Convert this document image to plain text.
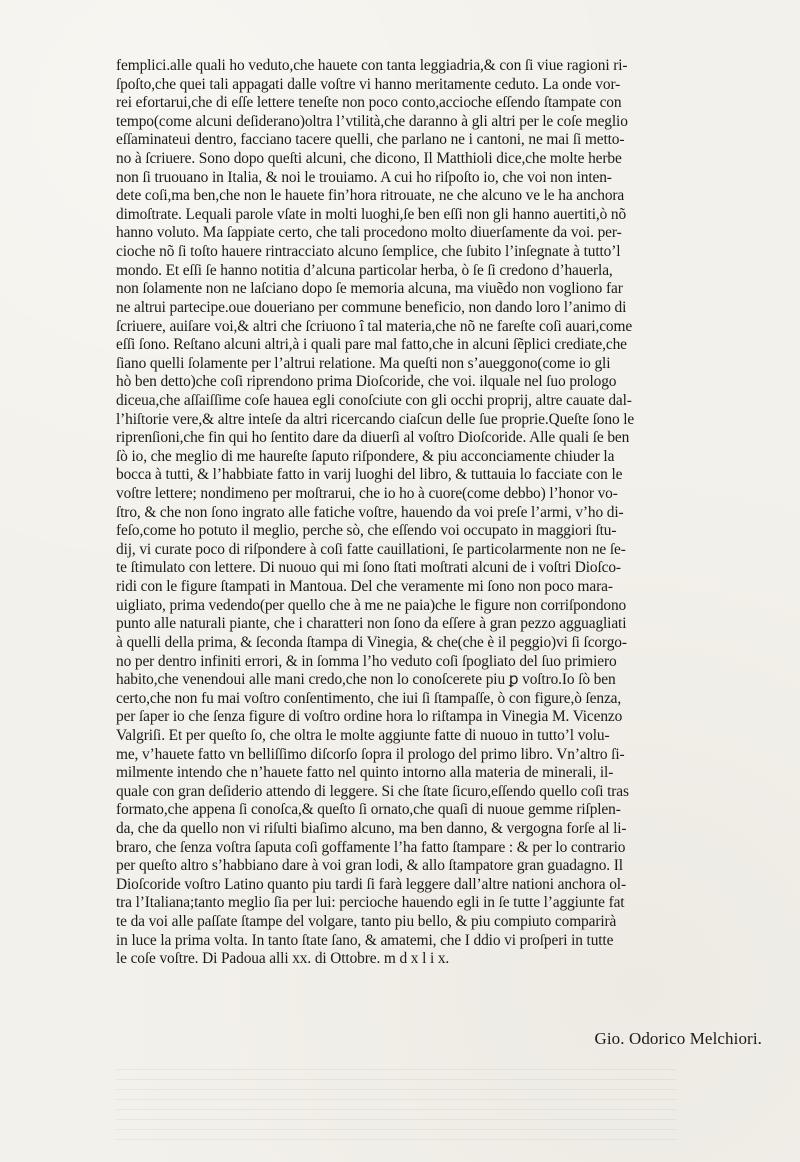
femplici.alle quali ho veduto,che hauete con tanta leggiadria,& con ſi viue ragioni ri-
ſpoſto,che quei tali appagati dalle voſtre vi hanno meritamente ceduto. La onde vor-
rei efortarui,che di eſſe lettere teneſte non poco conto,accioche eſſendo ſtampate con
tempo(come alcuni deſiderano)oltra l’vtilità,che daranno à gli altri per le coſe meglio
eſſaminateui dentro, facciano tacere quelli, che parlano ne i cantoni, ne mai ſi metto-
no à ſcriuere. Sono dopo queſti alcuni, che dicono, Il Matthioli dice,che molte herbe
non ſi truouano in Italia, & noi le trouiamo. A cui ho riſpoſto io, che voi non inten-
dete coſi,ma ben,che non le hauete fin’hora ritrouate, ne che alcuno ve le ha anchora
dimoſtrate. Lequali parole vſate in molti luoghi,ſe ben eſſi non gli hanno auertiti,ò nõ
hanno voluto. Ma ſappiate certo, che tali procedono molto diuerſamente da voi. per-
cioche nõ ſi toſto hauere rintracciato alcuno ſemplice, che ſubito l’inſegnate à tutto’l
mondo. Et eſſi ſe hanno notitia d’alcuna particolar herba, ò ſe ſi credono d’hauerla,
non ſolamente non ne laſciano dopo ſe memoria alcuna, ma viuẽdo non vogliono far
ne altrui partecipe.oue doueriano per commune beneficio, non dando loro l’animo di
ſcriuere, auiſare voi,& altri che ſcriuono î tal materia,che nõ ne fareſte coſi auari,come
eſſi ſono. Reſtano alcuni altri,à i quali pare mal fatto,che in alcuni ſẽplici crediate,che
ſiano quelli ſolamente per l’altrui relatione. Ma queſti non s’aueggono(come io gli
hò ben detto)che coſi riprendono prima Dioſcoride, che voi. ilquale nel ſuo prologo
diceua,che aſſaiſſime coſe hauea egli conoſciute con gli occhi proprij, altre cauate dal-
l’hiſtorie vere,& altre inteſe da altri ricercando ciaſcun delle ſue proprie.Queſte ſono le
riprenſioni,che fin qui ho ſentito dare da diuerſi al voſtro Dioſcoride. Alle quali ſe ben
ſò io, che meglio di me haureſte ſaputo riſpondere, & piu acconciamente chiuder la
bocca à tutti, & l’habbiate fatto in varij luoghi del libro, & tuttauia lo facciate con le
voſtre lettere; nondimeno per moſtrarui, che io ho à cuore(come debbo) l’honor vo-
ſtro, & che non ſono ingrato alle fatiche voſtre, hauendo da voi preſe l’armi, v’ho di-
feſo,come ho potuto il meglio, perche sò, che eſſendo voi occupato in maggiori ſtu-
dij, vi curate poco di riſpondere à coſi fatte cauillationi, ſe particolarmente non ne ſe-
te ſtimulato con lettere. Di nuouo qui mi ſono ſtati moſtrati alcuni de i voſtri Dioſco-
ridi con le figure ſtampati in Mantoua. Del che veramente mi ſono non poco mara-
uigliato, prima vedendo(per quello che à me ne paia)che le figure non corriſpondono
punto alle naturali piante, che i charatteri non ſono da eſſere à gran pezzo agguagliati
à quelli della prima, & ſeconda ſtampa di Vinegia, & che(che è il peggio)vi ſi ſcorgo-
no per dentro infiniti errori, & in ſomma l’ho veduto coſi ſpogliato del ſuo primiero
habito,che venendoui alle mani credo,che non lo conoſcerete piu ꝑ voſtro.Io ſò ben
certo,che non fu mai voſtro conſentimento, che iui ſi ſtampaſſe, ò con figure,ò ſenza,
per ſaper io che ſenza figure di voſtro ordine hora lo riſtampa in Vinegia M. Vicenzo
Valgriſi. Et per queſto ſo, che oltra le molte aggiunte fatte di nuouo in tutto’l volu-
me, v’hauete fatto vn belliſſimo diſcorſo ſopra il prologo del primo libro. Vn’altro ſi-
milmente intendo che n’hauete fatto nel quinto intorno alla materia de minerali, il-
quale con gran deſiderio attendo di leggere. Si che ſtate ſicuro,eſſendo quello coſi tras
formato,che appena ſi conoſca,& queſto ſi ornato,che quaſi di nuoue gemme riſplen-
da, che da quello non vi riſulti biaſimo alcuno, ma ben danno, & vergogna forſe al li-
braro, che ſenza voſtra ſaputa coſi goffamente l’ha fatto ſtampare : & per lo contrario
per queſto altro s’habbiano dare à voi gran lodi, & allo ſtampatore gran guadagno. Il
Dioſcoride voſtro Latino quanto piu tardi ſi farà leggere dall’altre nationi anchora ol-
tra l’Italiana;tanto meglio ſia per lui: percioche hauendo egli in ſe tutte l’aggiunte fat
te da voi alle paſſate ſtampe del volgare, tanto piu bello, & piu compiuto comparirà
in luce la prima volta. In tanto ſtate ſano, & amatemi, che I ddio vi proſperi in tutte
le coſe voſtre. Di Padoua alli xx. di Ottobre. m d x l i x.
Gio. Odorico Melchiori.
